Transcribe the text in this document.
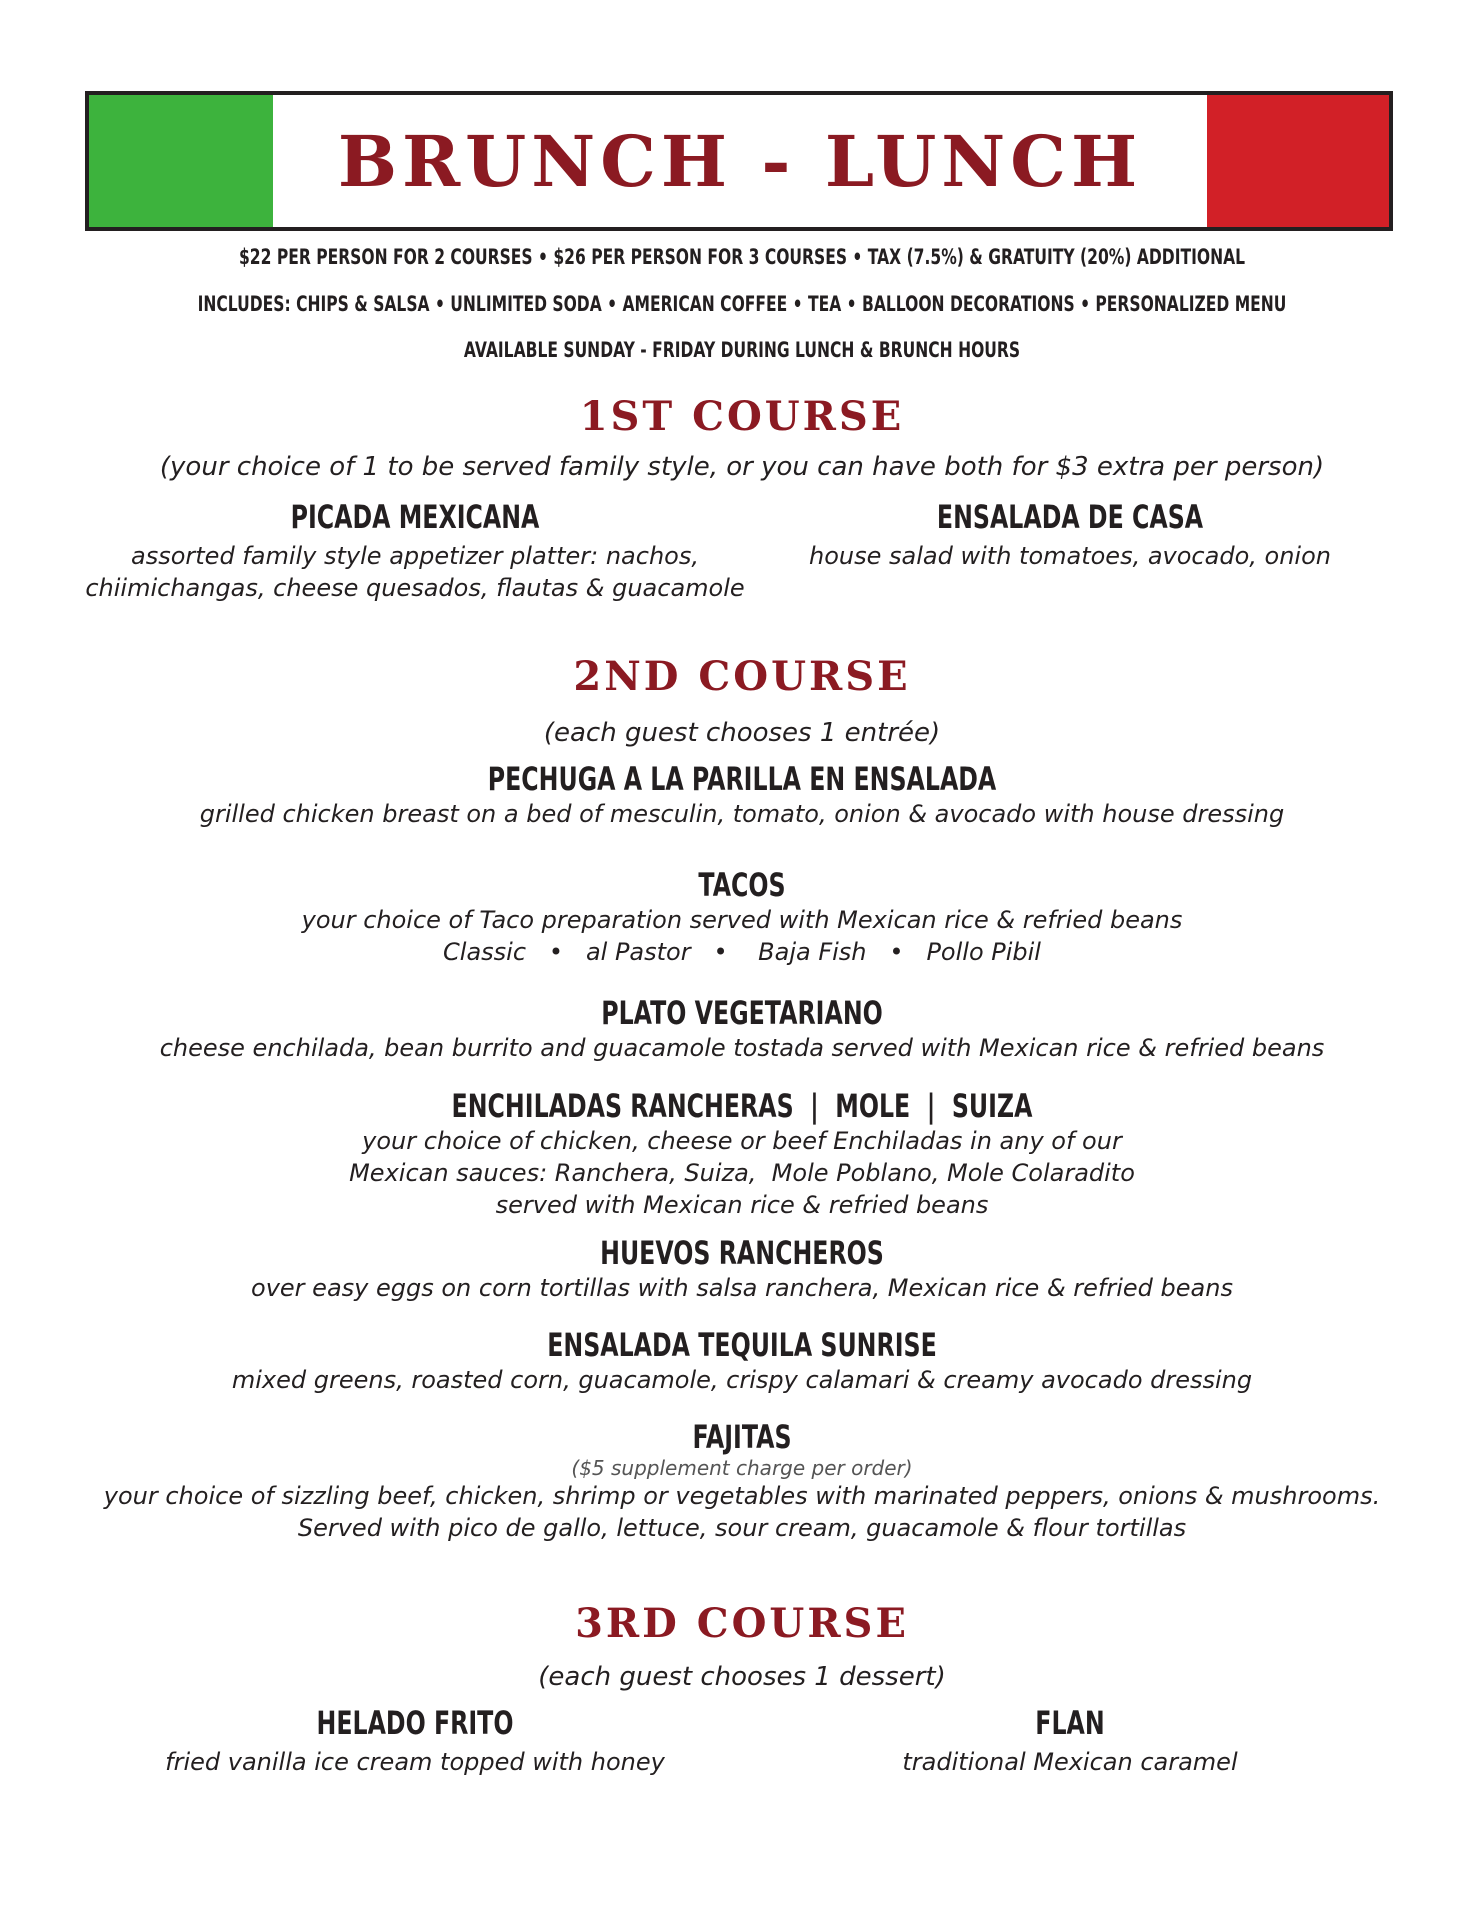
BRUNCH - LUNCH

$22 PER PERSON FOR 2 COURSES • $26 PER PERSON FOR 3 COURSES • TAX (7.5%) & GRATUITY (20%) ADDITIONAL

INCLUDES: CHIPS & SALSA • UNLIMITED SODA • AMERICAN COFFEE • TEA • BALLOON DECORATIONS • PERSONALIZED MENU

AVAILABLE SUNDAY - FRIDAY DURING LUNCH & BRUNCH HOURS

1ST COURSE

(your choice of 1 to be served family style, or you can have both for $3 extra per person)

PICADA MEXICANA
assorted family style appetizer platter: nachos,
chiimichangas, cheese quesados, flautas & guacamole
ENSALADA DE CASA
house salad with tomatoes, avocado, onion
2ND COURSE

(each guest chooses 1 entrée)

PECHUGA A LA PARILLA EN ENSALADA
grilled chicken breast on a bed of mesculin, tomato, onion & avocado with house dressing
TACOS
your choice of Taco preparation served with Mexican rice & refried beans
Classic   •   al Pastor   •    Baja Fish   •   Pollo Pibil
PLATO VEGETARIANO
cheese enchilada, bean burrito and guacamole tostada served with Mexican rice & refried beans
ENCHILADAS RANCHERAS  |  MOLE  |  SUIZA
your choice of chicken, cheese or beef Enchiladas in any of our
Mexican sauces: Ranchera, Suiza,  Mole Poblano, Mole Colaradito
served with Mexican rice & refried beans
HUEVOS RANCHEROS
over easy eggs on corn tortillas with salsa ranchera, Mexican rice & refried beans
ENSALADA TEQUILA SUNRISE
mixed greens, roasted corn, guacamole, crispy calamari & creamy avocado dressing
FAJITAS
($5 supplement charge per order)
your choice of sizzling beef, chicken, shrimp or vegetables with marinated peppers, onions & mushrooms.
Served with pico de gallo, lettuce, sour cream, guacamole & flour tortillas
3RD COURSE

(each guest chooses 1 dessert)

HELADO FRITO
fried vanilla ice cream topped with honey
FLAN
traditional Mexican caramel
